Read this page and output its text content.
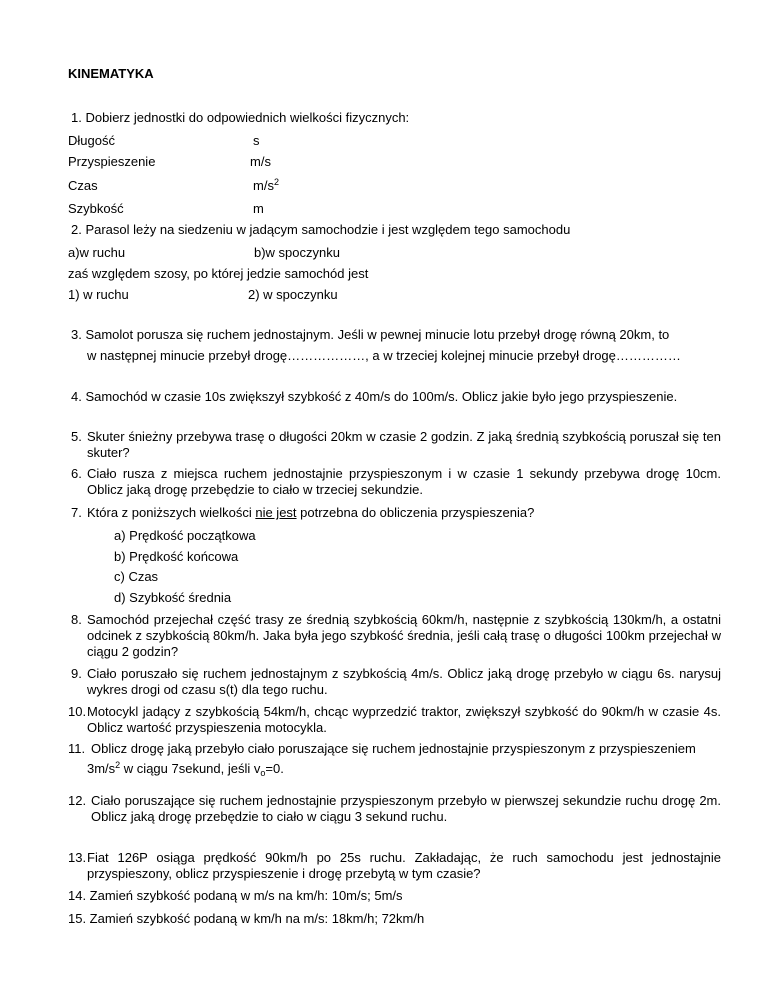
KINEMATYKA
1. Dobierz jednostki do odpowiednich wielkości fizycznych:
Długość	s
Przyspieszenie	m/s
Czas	$m/s^2$
Szybkość	m
2. Parasol leży na siedzeniu w jadącym samochodzie i jest względem tego samochodu
a)w ruchu	b)w spoczynku
zaś względem szosy, po której jedzie samochód jest
1) w ruchu	2) w spoczynku
3. Samolot porusza się ruchem jednostajnym. Jeśli w pewnej minucie lotu przebył drogę równą 20km, to
w następnej minucie przebył drogę………………, a w trzeciej kolejnej minucie przebył drogę……………
4. Samochód w czasie 10s zwiększył szybkość z 40m/s do 100m/s. Oblicz jakie było jego przyspieszenie.
5. Skuter śnieżny przebywa trasę o długości 20km w czasie 2 godzin. Z jaką średnią szybkością poruszał się ten skuter?
6. Ciało rusza z miejsca ruchem jednostajnie przyspieszonym i w czasie 1 sekundy przebywa drogę 10cm. Oblicz jaką drogę przebędzie to ciało w trzeciej sekundzie.
7. Która z poniższych wielkości nie jest potrzebna do obliczenia przyspieszenia?
a) Prędkość początkowa
b) Prędkość końcowa
c) Czas
d) Szybkość średnia
8. Samochód przejechał część trasy ze średnią szybkością 60km/h, następnie z szybkością 130km/h, a ostatni odcinek z szybkością 80km/h. Jaka była jego szybkość średnia, jeśli całą trasę o długości 100km przejechał w ciągu 2 godzin?
9. Ciało poruszało się ruchem jednostajnym z szybkością 4m/s. Oblicz jaką drogę przebyło w ciągu 6s. narysuj wykres drogi od czasu s(t) dla tego ruchu.
10. Motocykl jadący z szybkością 54km/h, chcąc wyprzedzić traktor, zwiększył szybkość do 90km/h w czasie 4s. Oblicz wartość przyspieszenia motocykla.
11. Oblicz drogę jaką przebyło ciało poruszające się ruchem jednostajnie przyspieszonym z przyspieszeniem
$3m/s^2$ w ciągu 7sekund, jeśli $v_o=0$.
12. Ciało poruszające się ruchem jednostajnie przyspieszonym przebyło w pierwszej sekundzie ruchu drogę 2m. Oblicz jaką drogę przebędzie to ciało w ciągu 3 sekund ruchu.
13. Fiat 126P osiąga prędkość 90km/h po 25s ruchu. Zakładając, że ruch samochodu jest jednostajnie przyspieszony, oblicz przyspieszenie i drogę przebytą w tym czasie?
14. Zamień szybkość podaną w m/s na km/h: 10m/s; 5m/s
15. Zamień szybkość podaną w km/h na m/s: 18km/h; 72km/h
